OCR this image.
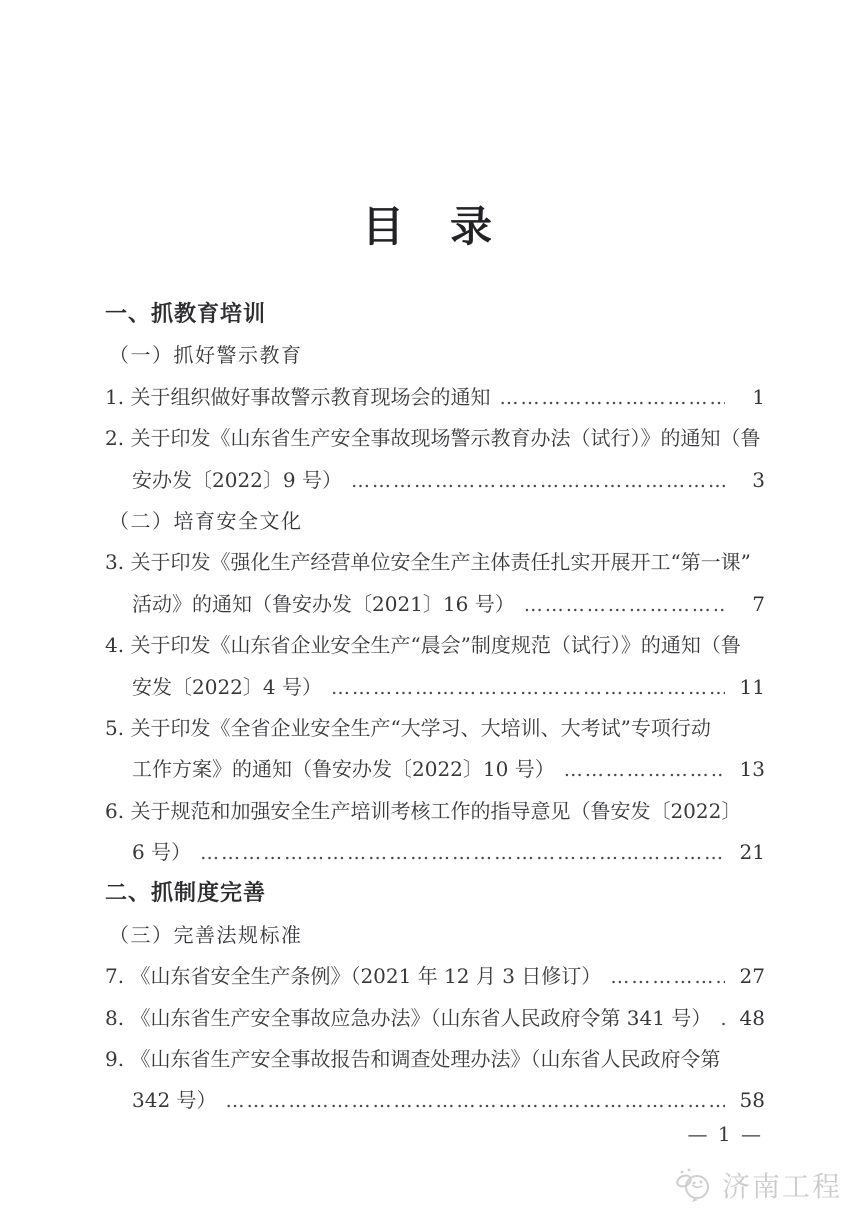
目　录
一、抓教育培训
（一）抓好警示教育
1. 关于组织做好事故警示教育现场会的通知 ……………………………………………………………………………………………………	1
2. 关于印发《山东省生产安全事故现场警示教育办法（试行）》的通知（鲁
安办发〔2022〕9 号） ……………………………………………………………………………………………………	3
（二）培育安全文化
3. 关于印发《强化生产经营单位安全生产主体责任扎实开展开工“第一课”
活动》的通知（鲁安办发〔2021〕16 号） ……………………………………………………………………………………………………	7
4. 关于印发《山东省企业安全生产“晨会”制度规范（试行）》的通知（鲁
安发〔2022〕4 号） ……………………………………………………………………………………………………	11
5. 关于印发《全省企业安全生产“大学习、大培训、大考试”专项行动
工作方案》的通知（鲁安办发〔2022〕10 号） ……………………………………………………………………………………………………	13
6. 关于规范和加强安全生产培训考核工作的指导意见（鲁安发〔2022〕
6 号） ……………………………………………………………………………………………………	21
二、抓制度完善
（三）完善法规标准
7. 《山东省安全生产条例》（2021 年 12 月 3 日修订） ……………………………………………………………………………………………………	27
8. 《山东省生产安全事故应急办法》（山东省人民政府令第 341 号） ……………………………………………………………………………………………………	48
9. 《山东省生产安全事故报告和调查处理办法》（山东省人民政府令第
342 号） ……………………………………………………………………………………………………	58
— 1 —
济南工程
